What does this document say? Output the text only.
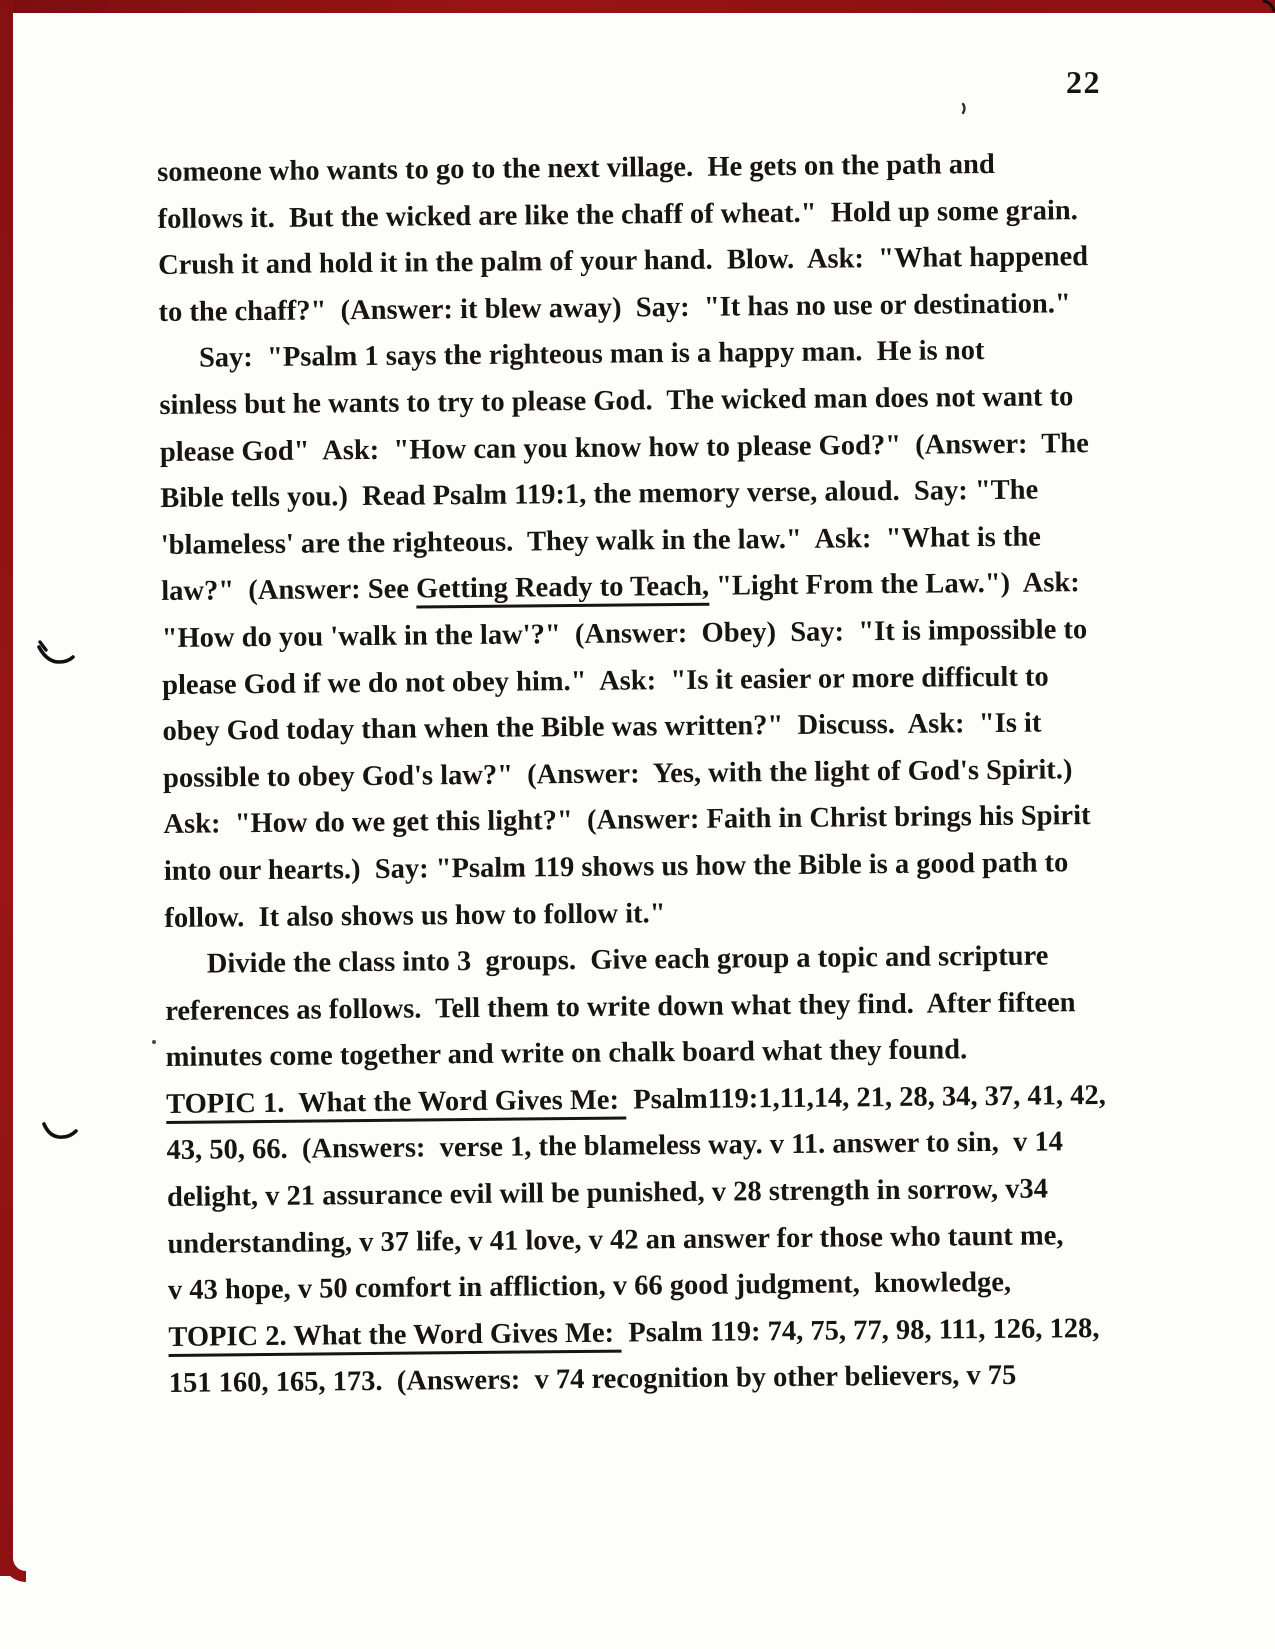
22
someone who wants to go to the next village.  He gets on the path and
follows it.  But the wicked are like the chaff of wheat."  Hold up some grain.
Crush it and hold it in the palm of your hand.  Blow.  Ask:  "What happened
to the chaff?"  (Answer: it blew away)  Say:  "It has no use or destination."
Say:  "Psalm 1 says the righteous man is a happy man.  He is not
sinless but he wants to try to please God.  The wicked man does not want to
please God"  Ask:  "How can you know how to please God?"  (Answer:  The
Bible tells you.)  Read Psalm 119:1, the memory verse, aloud.  Say: "The
'blameless' are the righteous.  They walk in the law."  Ask:  "What is the
law?"  (Answer: See Getting Ready to Teach, "Light From the Law.")  Ask:
"How do you 'walk in the law'?"  (Answer:  Obey)  Say:  "It is impossible to
please God if we do not obey him."  Ask:  "Is it easier or more difficult to
obey God today than when the Bible was written?"  Discuss.  Ask:  "Is it
possible to obey God's law?"  (Answer:  Yes, with the light of God's Spirit.)
Ask:  "How do we get this light?"  (Answer: Faith in Christ brings his Spirit
into our hearts.)  Say: "Psalm 119 shows us how the Bible is a good path to
follow.  It also shows us how to follow it."
Divide the class into 3  groups.  Give each group a topic and scripture
references as follows.  Tell them to write down what they find.  After fifteen
minutes come together and write on chalk board what they found.
TOPIC 1.  What the Word Gives Me:  Psalm119:1,11,14, 21, 28, 34, 37, 41, 42,
43, 50, 66.  (Answers:  verse 1, the blameless way. v 11. answer to sin,  v 14
delight, v 21 assurance evil will be punished, v 28 strength in sorrow, v34
understanding, v 37 life, v 41 love, v 42 an answer for those who taunt me,
v 43 hope, v 50 comfort in affliction, v 66 good judgment,  knowledge,
TOPIC 2. What the Word Gives Me:  Psalm 119: 74, 75, 77, 98, 111, 126, 128,
151 160, 165, 173.  (Answers:  v 74 recognition by other believers, v 75
